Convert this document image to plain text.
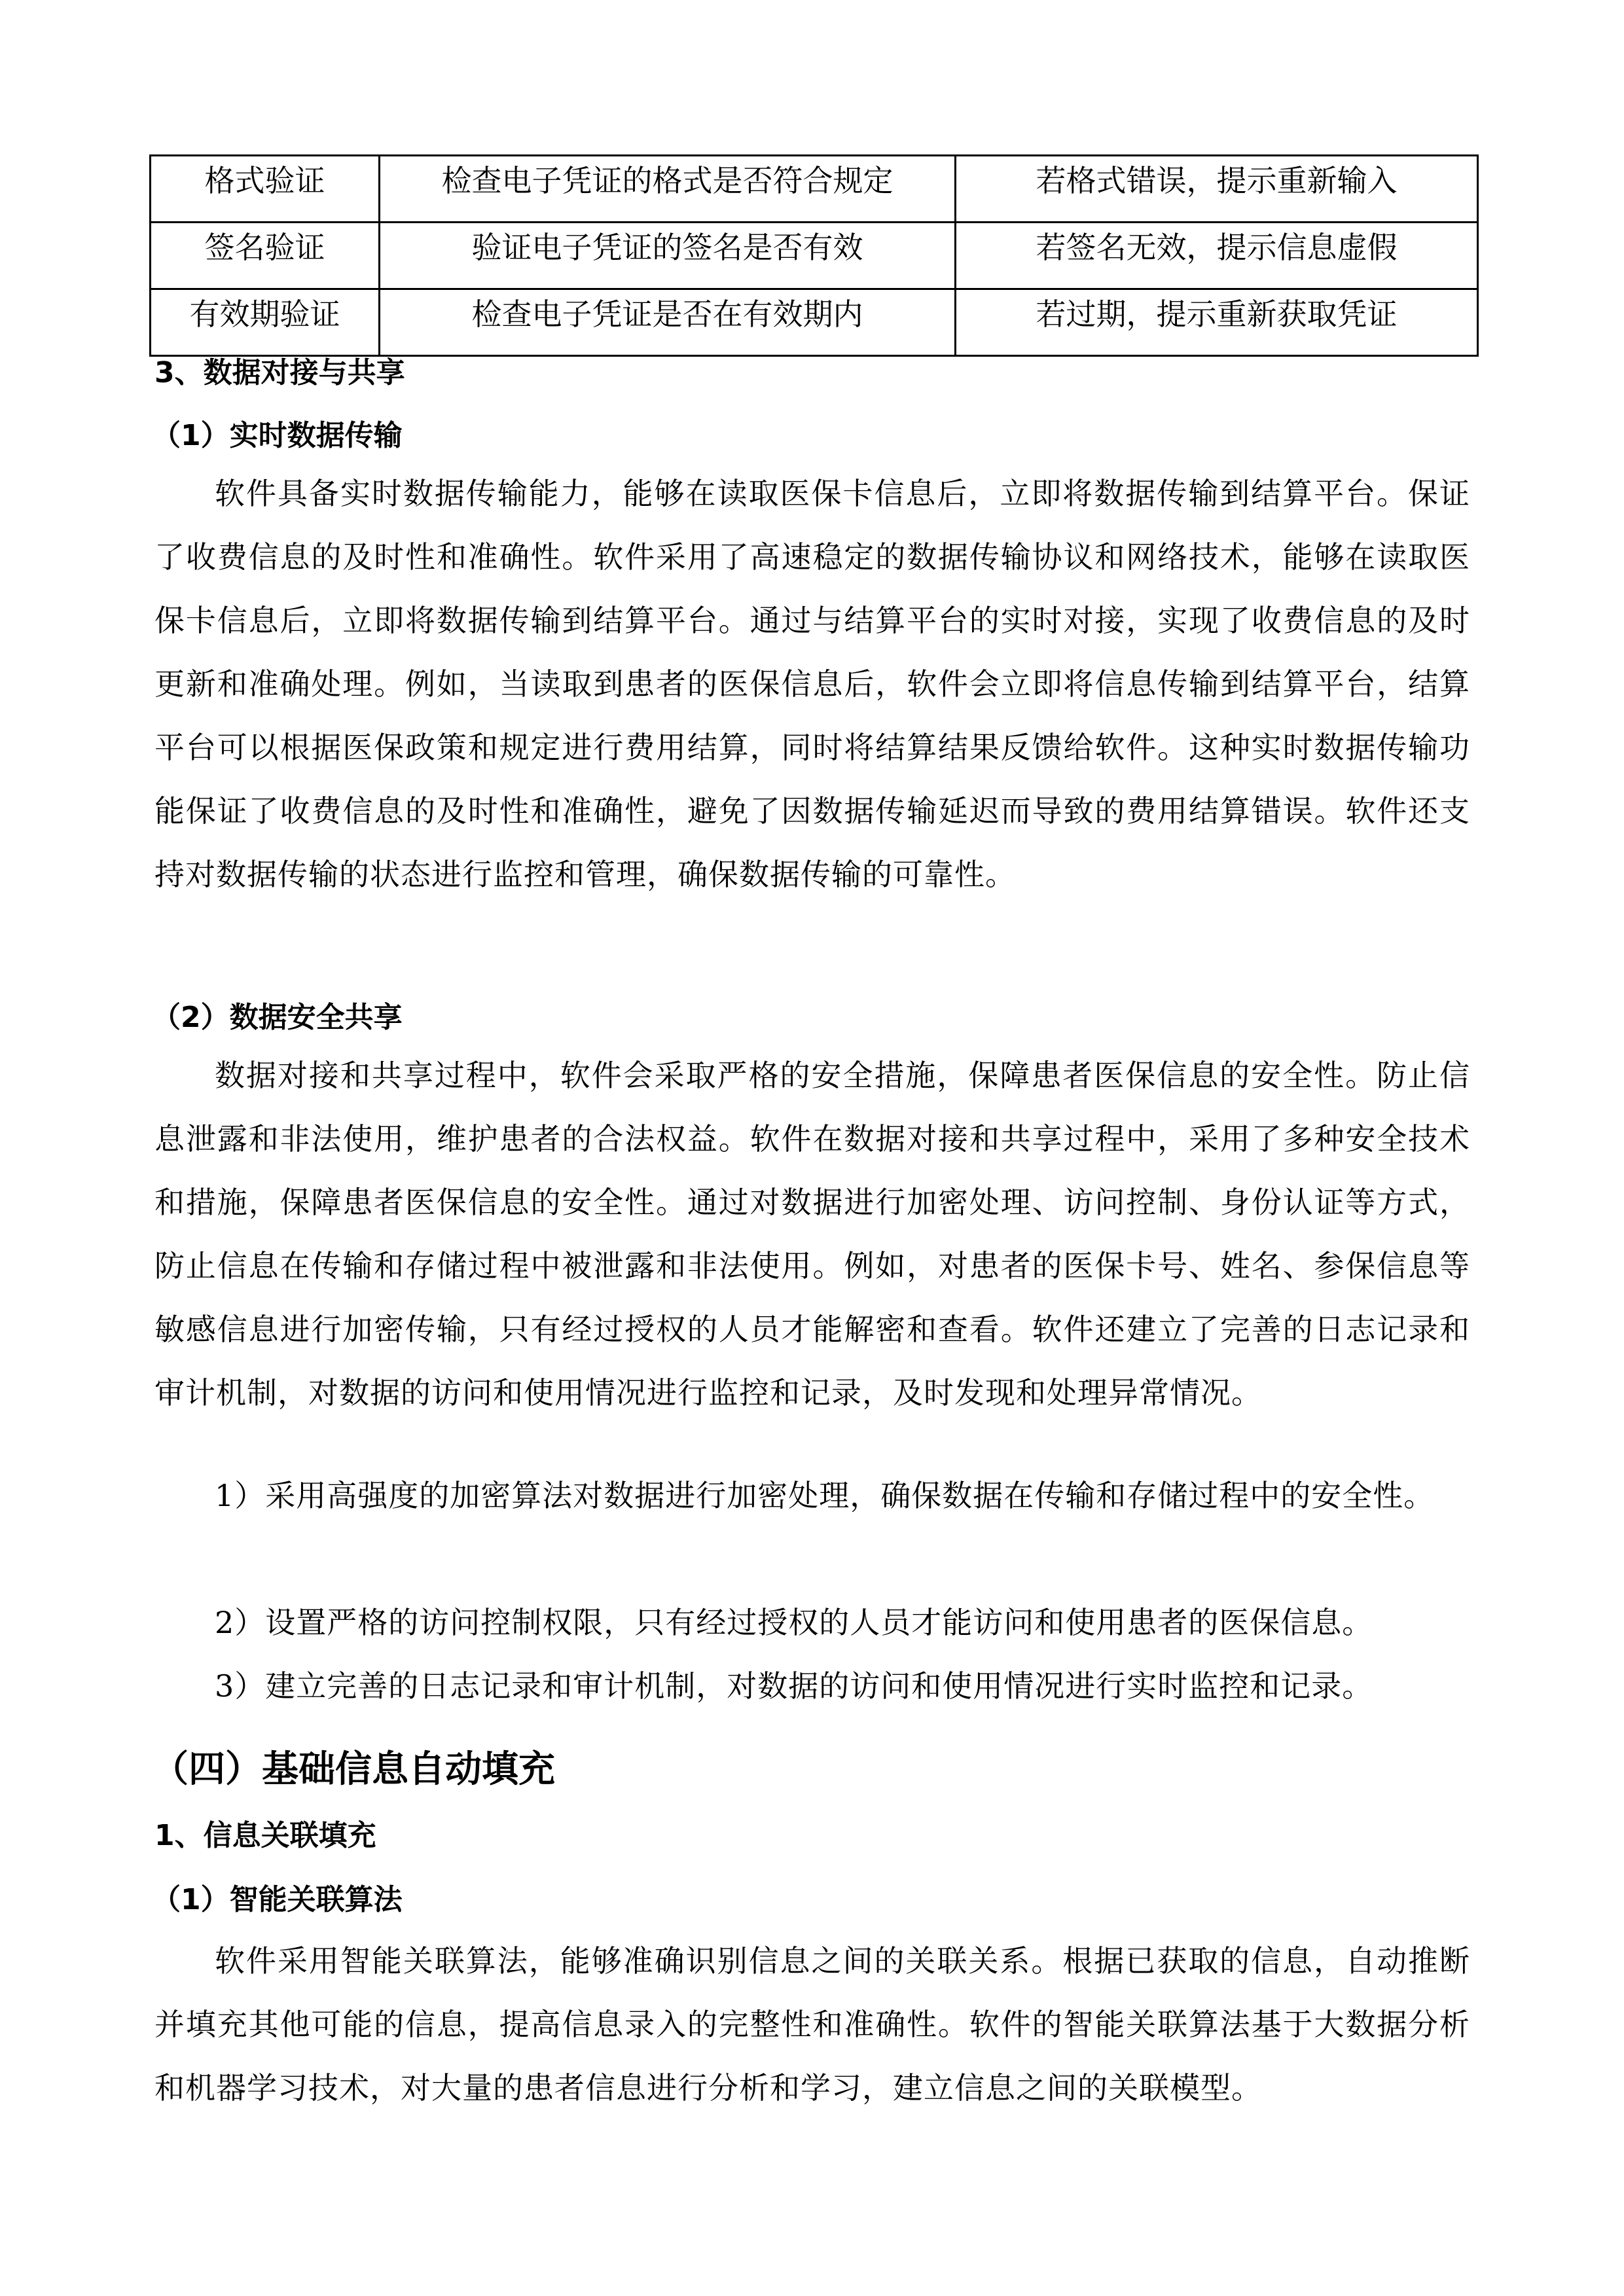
格式验证	检查电子凭证的格式是否符合规定	若格式错误，提示重新输入
签名验证	验证电子凭证的签名是否有效	若签名无效，提示信息虚假
有效期验证	检查电子凭证是否在有效期内	若过期，提示重新获取凭证
3、数据对接与共享
（1）实时数据传输
软件具备实时数据传输能力，能够在读取医保卡信息后，立即将数据传输到结算平台。保证了收费信息的及时性和准确性。软件采用了高速稳定的数据传输协议和网络技术，能够在读取医保卡信息后，立即将数据传输到结算平台。通过与结算平台的实时对接，实现了收费信息的及时更新和准确处理。例如，当读取到患者的医保信息后，软件会立即将信息传输到结算平台，结算平台可以根据医保政策和规定进行费用结算，同时将结算结果反馈给软件。这种实时数据传输功能保证了收费信息的及时性和准确性，避免了因数据传输延迟而导致的费用结算错误。软件还支持对数据传输的状态进行监控和管理，确保数据传输的可靠性。
（2）数据安全共享
数据对接和共享过程中，软件会采取严格的安全措施，保障患者医保信息的安全性。防止信息泄露和非法使用，维护患者的合法权益。软件在数据对接和共享过程中，采用了多种安全技术和措施，保障患者医保信息的安全性。通过对数据进行加密处理、访问控制、身份认证等方式，防止信息在传输和存储过程中被泄露和非法使用。例如，对患者的医保卡号、姓名、参保信息等敏感信息进行加密传输，只有经过授权的人员才能解密和查看。软件还建立了完善的日志记录和审计机制，对数据的访问和使用情况进行监控和记录，及时发现和处理异常情况。
1）采用高强度的加密算法对数据进行加密处理，确保数据在传输和存储过程中的安全性。
2）设置严格的访问控制权限，只有经过授权的人员才能访问和使用患者的医保信息。
3）建立完善的日志记录和审计机制，对数据的访问和使用情况进行实时监控和记录。
（四）基础信息自动填充
1、信息关联填充
（1）智能关联算法
软件采用智能关联算法，能够准确识别信息之间的关联关系。根据已获取的信息，自动推断并填充其他可能的信息，提高信息录入的完整性和准确性。软件的智能关联算法基于大数据分析和机器学习技术，对大量的患者信息进行分析和学习，建立信息之间的关联模型。
